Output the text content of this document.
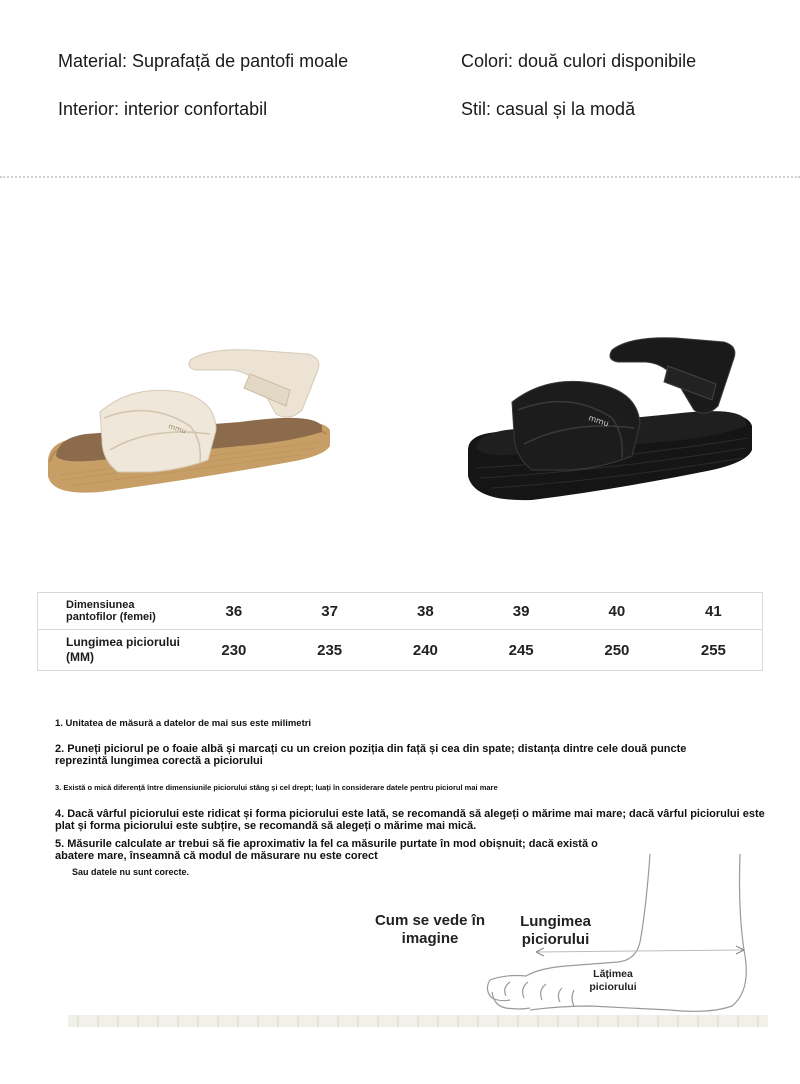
Material: Suprafață de pantofi moale
Interior: interior confortabil
Colori: două culori disponibile
Stil: casual și la modă
mmu
mmu
Dimensiunea pantofilor (femei)	36	37	38	39	40	41
Lungimea piciorului (MM)	230	235	240	245	250	255
1. Unitatea de măsură a datelor de mai sus este milimetri
2. Puneți piciorul pe o foaie albă și marcați cu un creion poziția din față și cea din spate; distanța dintre cele două puncte reprezintă lungimea corectă a piciorului
3. Există o mică diferență între dimensiunile piciorului stâng și cel drept; luați în considerare datele pentru piciorul mai mare
4. Dacă vârful piciorului este ridicat și forma piciorului este lată, se recomandă să alegeți o mărime mai mare; dacă vârful piciorului este plat și forma piciorului este subțire, se recomandă să alegeți o mărime mai mică.
5. Măsurile calculate ar trebui să fie aproximativ la fel ca măsurile purtate în mod obișnuit; dacă există o abatere mare, înseamnă că modul de măsurare nu este corect
Sau datele nu sunt corecte.
Cum se vede în imagine
Lungimea piciorului
Lățimea piciorului
